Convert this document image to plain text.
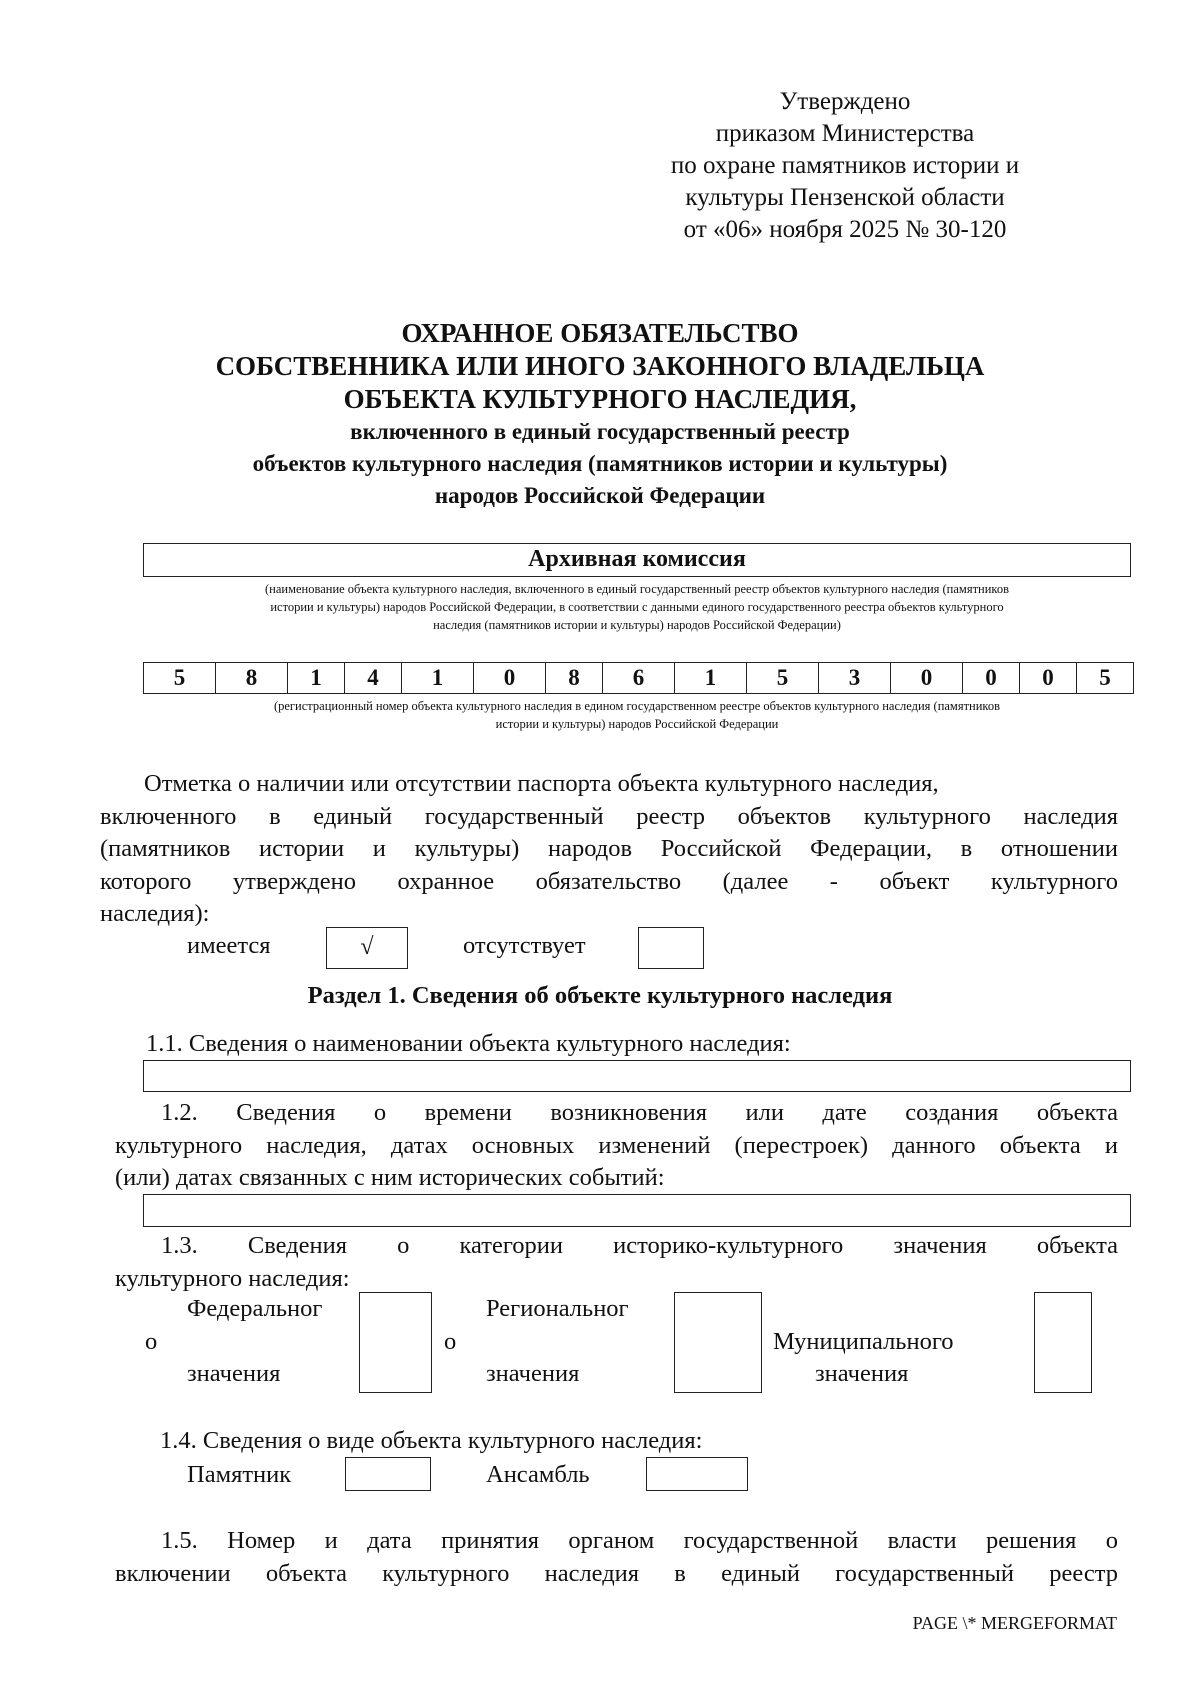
Утверждено
приказом Министерства
по охране памятников истории и
культуры Пензенской области
от «06» ноября 2025 № 30-120
ОХРАННОЕ ОБЯЗАТЕЛЬСТВО
СОБСТВЕННИКА ИЛИ ИНОГО ЗАКОННОГО ВЛАДЕЛЬЦА
ОБЪЕКТА КУЛЬТУРНОГО НАСЛЕДИЯ,
включенного в единый государственный реестр
объектов культурного наследия (памятников истории и культуры)
народов Российской Федерации
Архивная комиссия
(наименование объекта культурного наследия, включенного в единый государственный реестр объектов культурного наследия (памятников
истории и культуры) народов Российской Федерации, в соответствии с данными единого государственного реестра объектов культурного
наследия (памятников истории и культуры) народов Российской Федерации)
5	8	1	4	1	0	8	6	1	5	3	0	0	0	5
(регистрационный номер объекта культурного наследия в едином государственном реестре объектов культурного наследия (памятников
истории и культуры) народов Российской Федерации
Отметка о наличии или отсутствии паспорта объекта культурного наследия,
включенного в единый государственный реестр объектов культурного наследия
(памятников истории и культуры) народов Российской Федерации, в отношении
которого утверждено охранное обязательство (далее - объект культурного
наследия):
имеется	√	отсутствует
Раздел 1. Сведения об объекте культурного наследия
1.1. Сведения о наименовании объекта культурного наследия:
1.2. Сведения о времени возникновения или дате создания объекта
культурного наследия, датах основных изменений (перестроек) данного объекта и
(или) датах связанных с ним исторических событий:
1.3. Сведения о категории историко-культурного значения объекта
культурного наследия:
Федеральног
о
значения
Региональног
о
значения
Муниципального
значения
1.4. Сведения о виде объекта культурного наследия:
Памятник	Ансамбль
1.5. Номер и дата принятия органом государственной власти решения о
включении объекта культурного наследия в единый государственный реестр
PAGE \* MERGEFORMAT
